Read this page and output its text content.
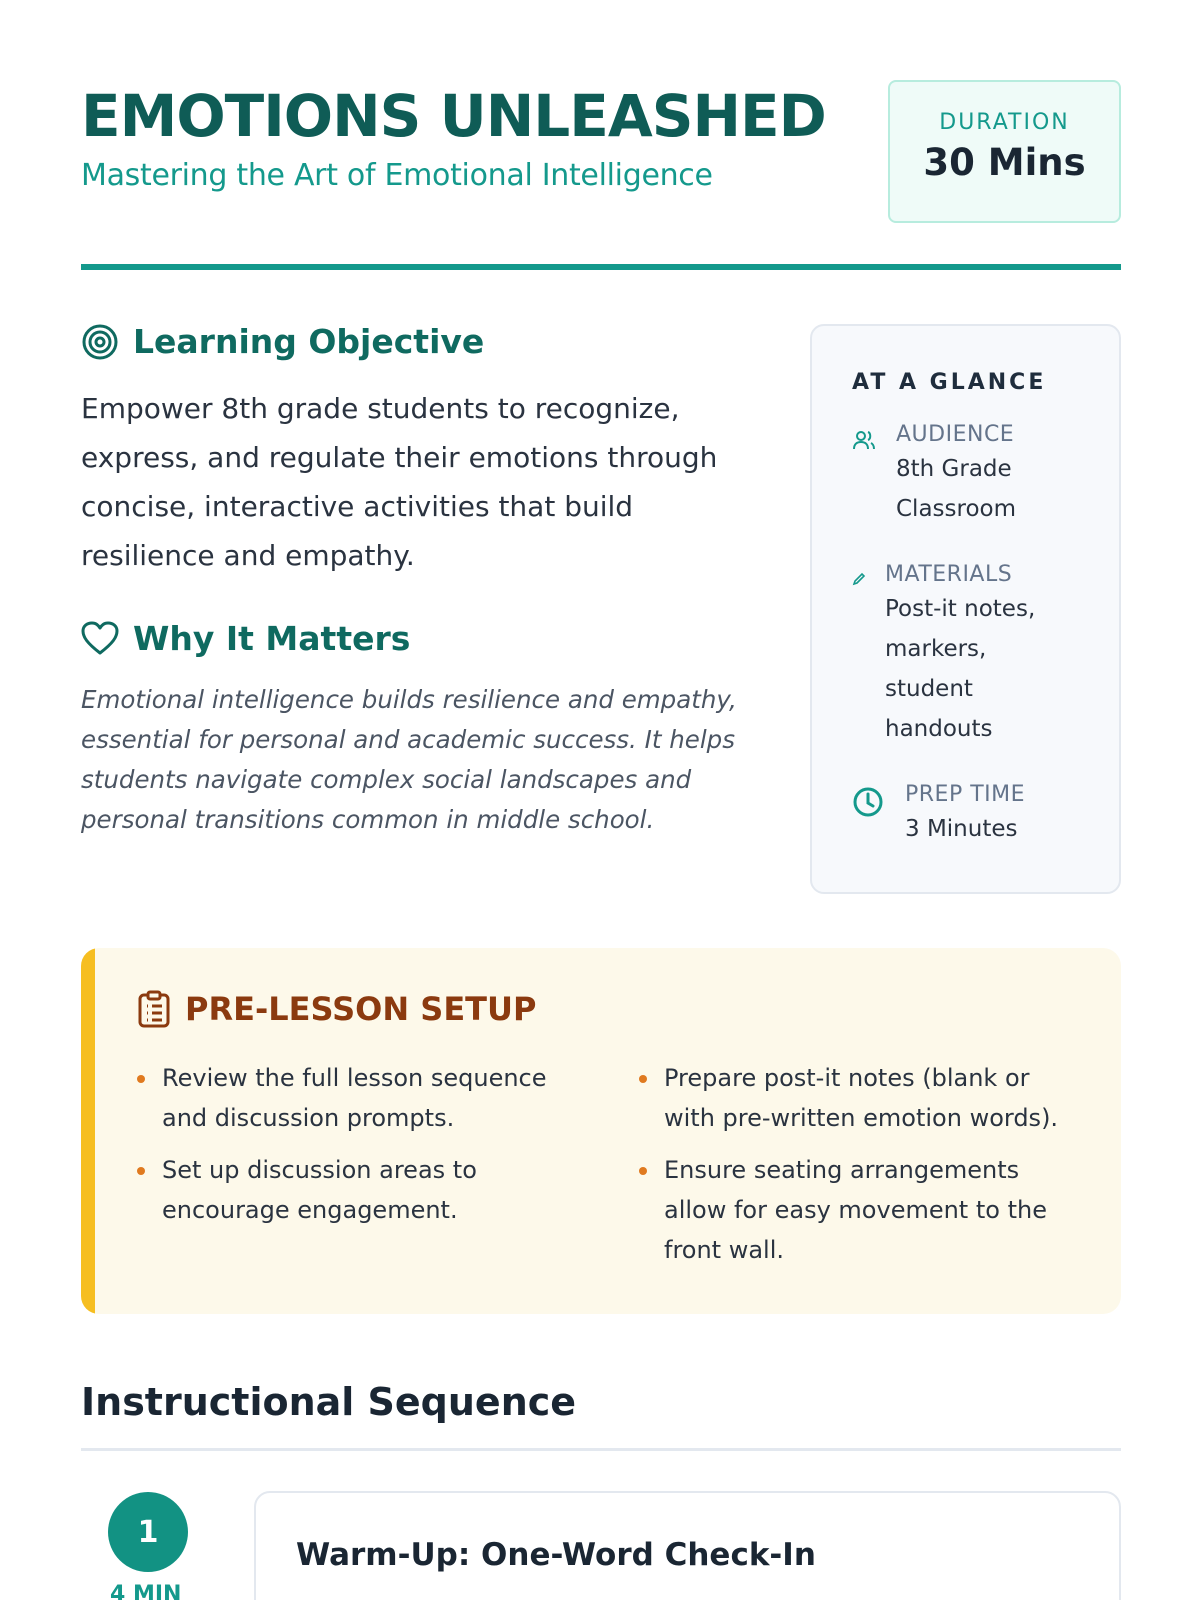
EMOTIONS UNLEASHED
Mastering the Art of Emotional Intelligence
DURATION
30 Mins
Learning Objective
Empower 8th grade students to recognize, express, and regulate their emotions through concise, interactive activities that build resilience and empathy.
Why It Matters
Emotional intelligence builds resilience and empathy, essential for personal and academic success. It helps students navigate complex social landscapes and personal transitions common in middle school.
AT A GLANCE
AUDIENCE
8th Grade Classroom
MATERIALS
Post-it notes, markers, student handouts
PREP TIME
3 Minutes
PRE-LESSON SETUP
Review the full lesson sequence and discussion prompts.
Set up discussion areas to encourage engagement.
Prepare post-it notes (blank or with pre-written emotion words).
Ensure seating arrangements allow for easy movement to the front wall.
Instructional Sequence
1
4 MIN
Warm-Up: One-Word Check-In
